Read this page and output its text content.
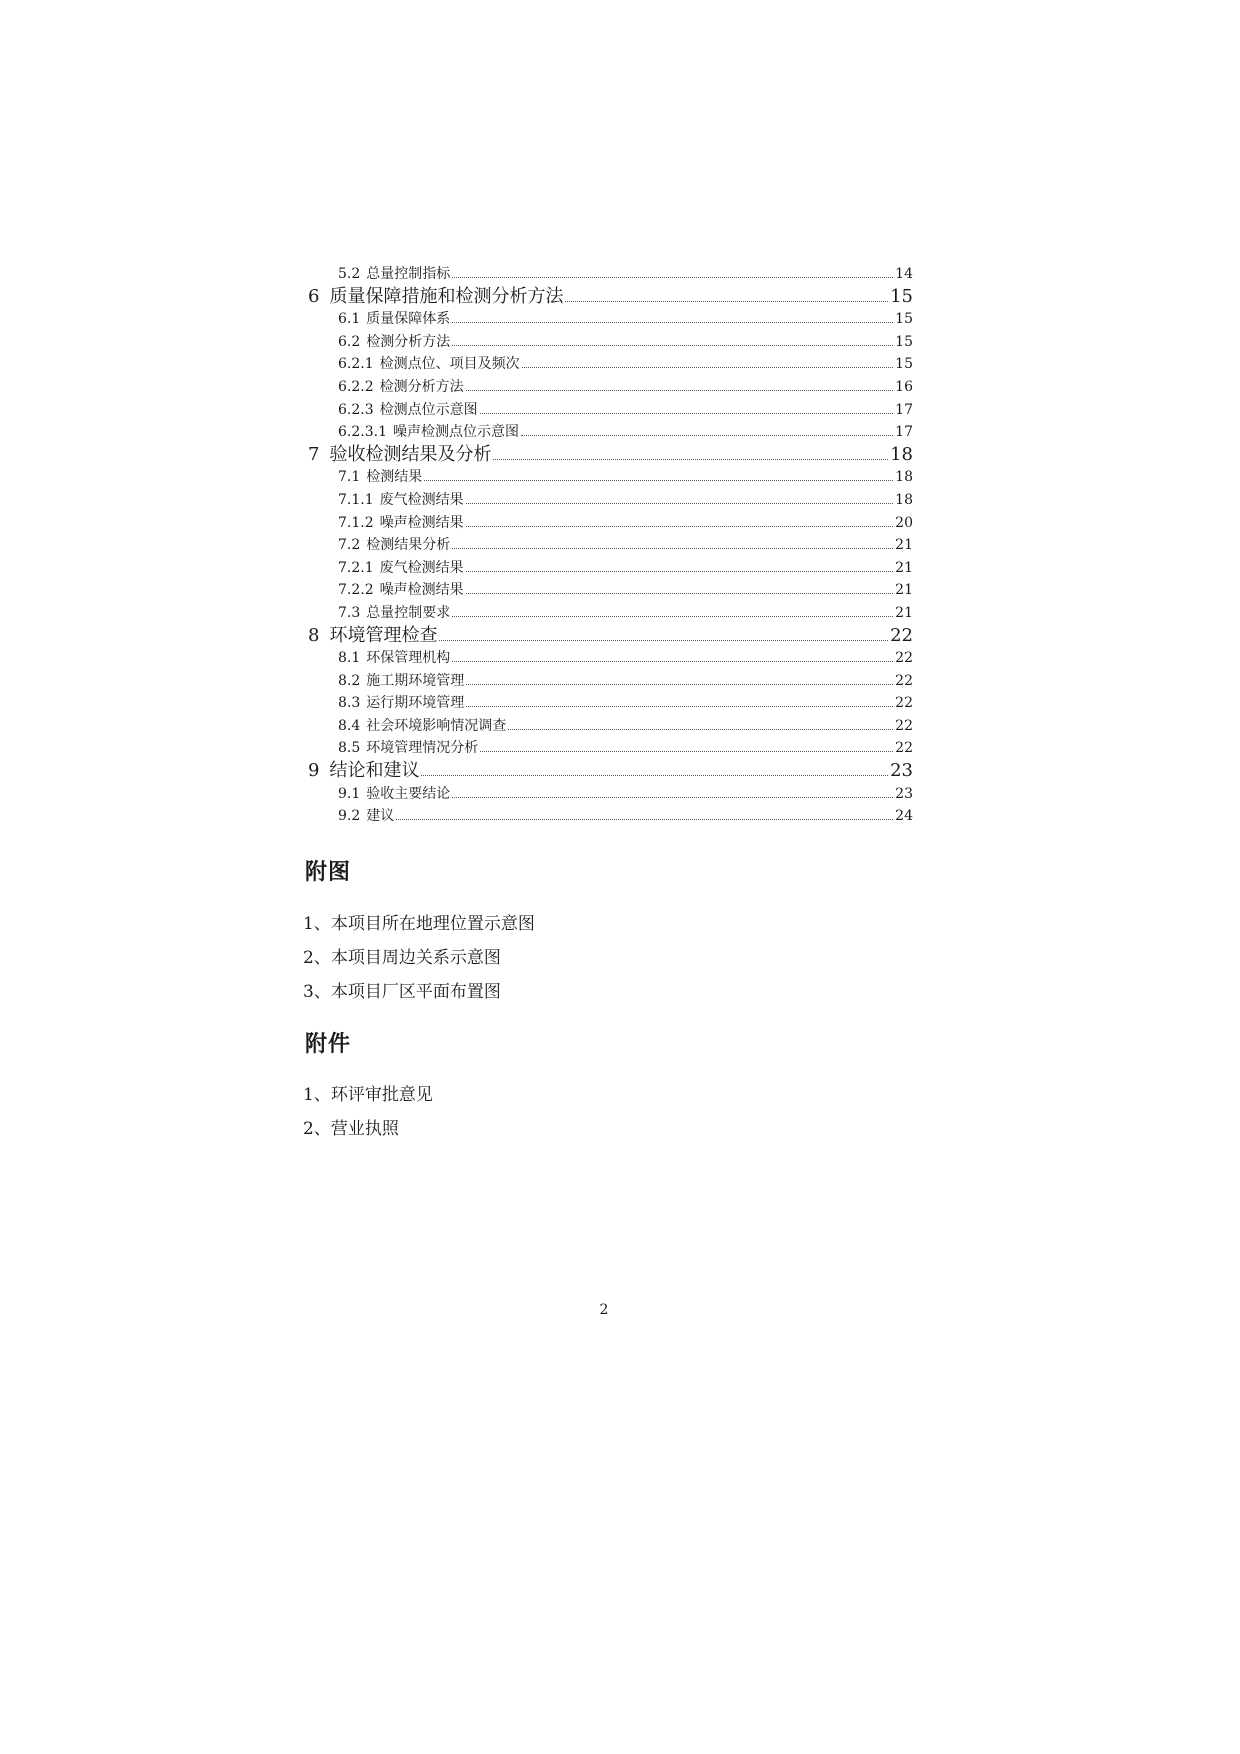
5.2 总量控制指标	14
6 质量保障措施和检测分析方法	15
6.1 质量保障体系	15
6.2 检测分析方法	15
6.2.1 检测点位、项目及频次	15
6.2.2 检测分析方法	16
6.2.3 检测点位示意图	17
6.2.3.1 噪声检测点位示意图	17
7 验收检测结果及分析	18
7.1 检测结果	18
7.1.1 废气检测结果	18
7.1.2 噪声检测结果	20
7.2 检测结果分析	21
7.2.1 废气检测结果	21
7.2.2 噪声检测结果	21
7.3 总量控制要求	21
8 环境管理检查	22
8.1 环保管理机构	22
8.2 施工期环境管理	22
8.3 运行期环境管理	22
8.4 社会环境影响情况调查	22
8.5 环境管理情况分析	22
9 结论和建议	23
9.1 验收主要结论	23
9.2 建议	24
附图
1、本项目所在地理位置示意图
2、本项目周边关系示意图
3、本项目厂区平面布置图
附件
1、环评审批意见
2、营业执照
2
